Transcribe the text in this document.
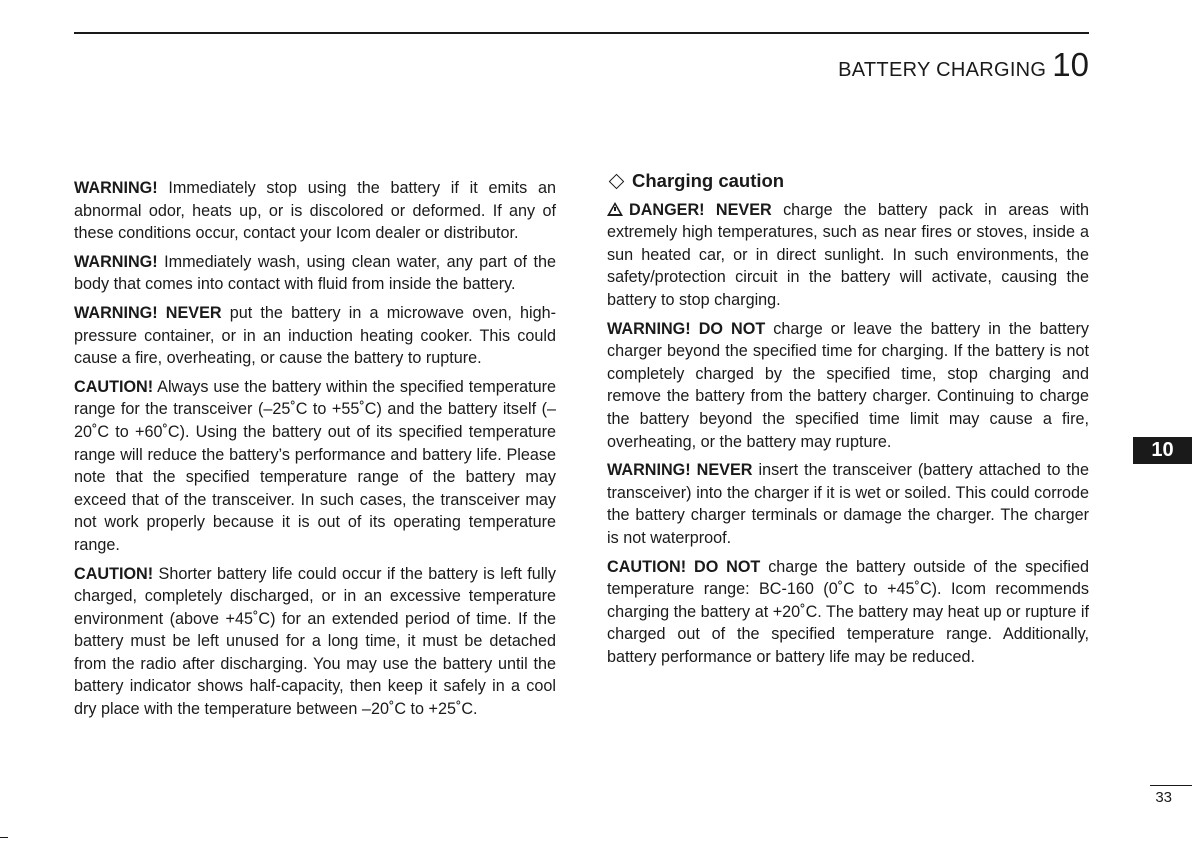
BATTERY CHARGING 10

WARNING! Immediately stop using the battery if it emits an abnormal odor, heats up, or is discolored or deformed. If any of these conditions occur, contact your Icom dealer or distributor.

WARNING! Immediately wash, using clean water, any part of the body that comes into contact with fluid from inside the battery.

WARNING! NEVER put the battery in a microwave oven, high-pressure container, or in an induction heating cooker. This could cause a fire, overheating, or cause the battery to rupture.

CAUTION! Always use the battery within the specified temperature range for the transceiver (–25˚C to +55˚C) and the battery itself (–20˚C to +60˚C). Using the battery out of its specified temperature range will reduce the battery’s performance and battery life. Please note that the specified temperature range of the battery may exceed that of the transceiver. In such cases, the transceiver may not work properly because it is out of its operating temperature range.

CAUTION! Shorter battery life could occur if the battery is left fully charged, completely discharged, or in an excessive temperature environment (above +45˚C) for an extended period of time. If the battery must be left unused for a long time, it must be detached from the radio after discharging. You may use the battery until the battery indicator shows half-capacity, then keep it safely in a cool dry place with the temperature between –20˚C to +25˚C.

Charging caution

DANGER! NEVER charge the battery pack in areas with extremely high temperatures, such as near fires or stoves, inside a sun heated car, or in direct sunlight. In such environments, the safety/protection circuit in the battery will activate, causing the battery to stop charging.

WARNING! DO NOT charge or leave the battery in the battery charger beyond the specified time for charging. If the battery is not completely charged by the specified time, stop charging and remove the battery from the battery charger. Continuing to charge the battery beyond the specified time limit may cause a fire, overheating, or the battery may rupture.

WARNING! NEVER insert the transceiver (battery attached to the transceiver) into the charger if it is wet or soiled. This could corrode the battery charger terminals or damage the charger. The charger is not waterproof.

CAUTION! DO NOT charge the battery outside of the specified temperature range: BC-160 (0˚C to +45˚C). Icom recommends charging the battery at +20˚C. The battery may heat up or rupture if charged out of the specified temperature range. Additionally, battery performance or battery life may be reduced.

10
33
